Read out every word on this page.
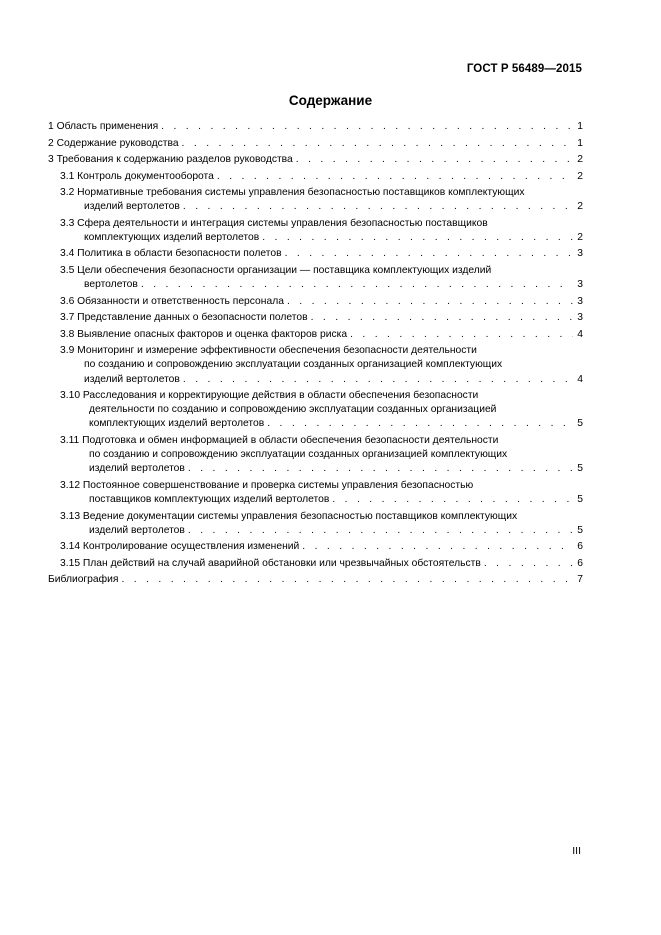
ГОСТ Р 56489—2015
Содержание
1 Область применения . . .	1
2 Содержание руководства . . .	1
3 Требования к содержанию разделов руководства . . .	2
3.1 Контроль документооборота . . .	2
3.2 Нормативные требования системы управления безопасностью поставщиков комплектующих
изделий вертолетов . . .	2
3.3 Сфера деятельности и интеграция системы управления безопасностью поставщиков
комплектующих изделий вертолетов . . .	2
3.4 Политика в области безопасности полетов . . .	3
3.5 Цели обеспечения безопасности организации — поставщика комплектующих изделий
вертолетов . . .	3
3.6 Обязанности и ответственность персонала . . .	3
3.7 Представление данных о безопасности полетов . . .	3
3.8 Выявление опасных факторов и оценка факторов риска . . .	4
3.9 Мониторинг и измерение эффективности обеспечения безопасности деятельности
по созданию и сопровождению эксплуатации созданных организацией комплектующих
изделий вертолетов . . .	4
3.10 Расследования и корректирующие действия в области обеспечения безопасности
деятельности по созданию и сопровождению эксплуатации созданных организацией
комплектующих изделий вертолетов . . .	5
3.11 Подготовка и обмен информацией в области обеспечения безопасности деятельности
по созданию и сопровождению эксплуатации созданных организацией комплектующих
изделий вертолетов . . .	5
3.12 Постоянное совершенствование и проверка системы управления безопасностью
поставщиков комплектующих изделий вертолетов . . .	5
3.13 Ведение документации системы управления безопасностью поставщиков комплектующих
изделий вертолетов . . .	5
3.14 Контролирование осуществления изменений . . .	6
3.15 План действий на случай аварийной обстановки или чрезвычайных обстоятельств . . .	6
Библиография . . .	7
III
